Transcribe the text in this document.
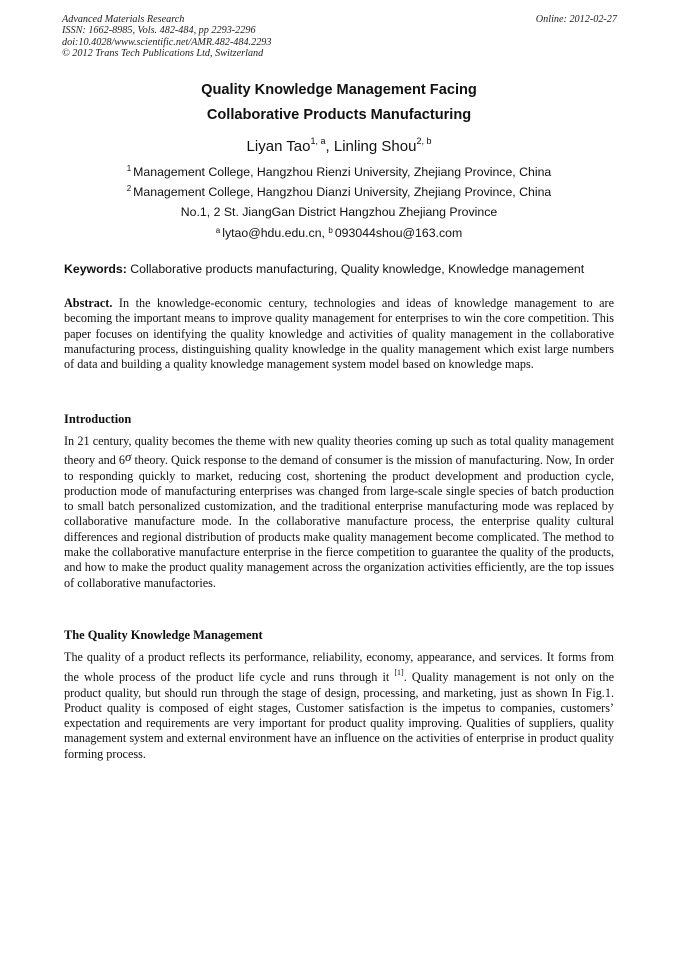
Advanced Materials Research
ISSN: 1662-8985, Vols. 482-484, pp 2293-2296
doi:10.4028/www.scientific.net/AMR.482-484.2293
© 2012 Trans Tech Publications Ltd, Switzerland
Online: 2012-02-27
Quality Knowledge Management Facing
Collaborative Products Manufacturing
Liyan Tao$^{1, a}$, Linling Shou$^{2, b}$
$^1$ Management College, Hangzhou Rienzi University, Zhejiang Province, China
$^2$ Management College, Hangzhou Dianzi University, Zhejiang Province, China
No.1, 2 St. JiangGan District Hangzhou Zhejiang Province
$^a$ lytao@hdu.edu.cn, $^b$ 093044shou@163.com
Keywords: Collaborative products manufacturing, Quality knowledge, Knowledge management
Abstract. In the knowledge-economic century, technologies and ideas of knowledge management to are becoming the important means to improve quality management for enterprises to win the core competition. This paper focuses on identifying the quality knowledge and activities of quality management in the collaborative manufacturing process, distinguishing quality knowledge in the quality management which exist large numbers of data and building a quality knowledge management system model based on knowledge maps.
Introduction
In 21 century, quality becomes the theme with new quality theories coming up such as total quality management theory and 6σ theory. Quick response to the demand of consumer is the mission of manufacturing. Now, In order to responding quickly to market, reducing cost, shortening the product development and production cycle, production mode of manufacturing enterprises was changed from large-scale single species of batch production to small batch personalized customization, and the traditional enterprise manufacturing mode was replaced by collaborative manufacture mode. In the collaborative manufacture process, the enterprise quality cultural differences and regional distribution of products make quality management become complicated. The method to make the collaborative manufacture enterprise in the fierce competition to guarantee the quality of the products, and how to make the product quality management across the organization activities efficiently, are the top issues of collaborative manufactories.
The Quality Knowledge Management
The quality of a product reflects its performance, reliability, economy, appearance, and services. It forms from the whole process of the product life cycle and runs through it [1]. Quality management is not only on the product quality, but should run through the stage of design, processing, and marketing, just as shown In Fig.1. Product quality is composed of eight stages, Customer satisfaction is the impetus to companies, customers’ expectation and requirements are very important for product quality improving. Qualities of suppliers, quality management system and external environment have an influence on the activities of enterprise in product quality forming process.
